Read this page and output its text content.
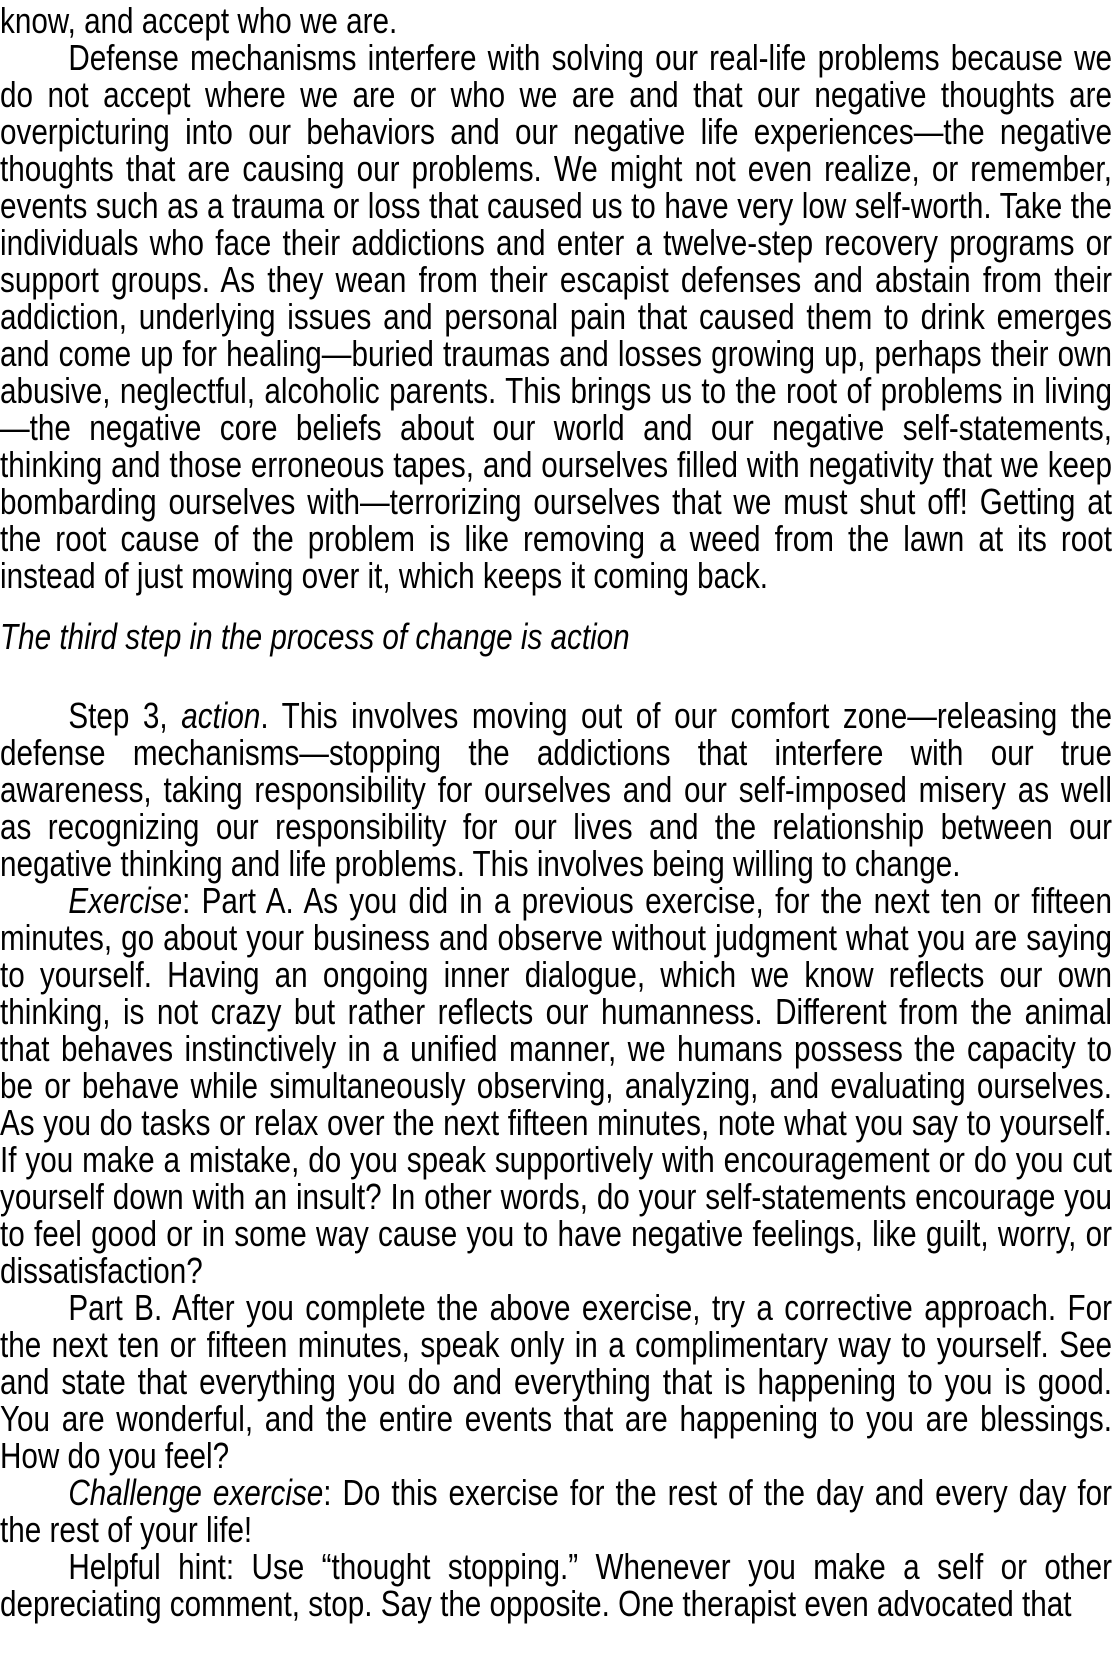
know, and accept who we are.

Defense mechanisms interfere with solving our real-life problems because we do not accept where we are or who we are and that our negative thoughts are overpicturing into our behaviors and our negative life experiences—the negative thoughts that are causing our problems. We might not even realize, or remember, events such as a trauma or loss that caused us to have very low self-worth. Take the individuals who face their addictions and enter a twelve-step recovery programs or support groups. As they wean from their escapist defenses and abstain from their addiction, underlying issues and personal pain that caused them to drink emerges and come up for healing—buried traumas and losses growing up, perhaps their own abusive, neglectful, alcoholic parents. This brings us to the root of problems in living—the negative core beliefs about our world and our negative self-statements, thinking and those erroneous tapes, and ourselves filled with negativity that we keep bombarding ourselves with—terrorizing ourselves that we must shut off! Getting at the root cause of the problem is like removing a weed from the lawn at its root instead of just mowing over it, which keeps it coming back.

The third step in the process of change is action

Step 3, action. This involves moving out of our comfort zone—releasing the defense mechanisms—stopping the addictions that interfere with our true awareness, taking responsibility for ourselves and our self-imposed misery as well as recognizing our responsibility for our lives and the relationship between our negative thinking and life problems. This involves being willing to change.

Exercise: Part A. As you did in a previous exercise, for the next ten or fifteen minutes, go about your business and observe without judgment what you are saying to yourself. Having an ongoing inner dialogue, which we know reflects our own thinking, is not crazy but rather reflects our humanness. Different from the animal that behaves instinctively in a unified manner, we humans possess the capacity to be or behave while simultaneously observing, analyzing, and evaluating ourselves. As you do tasks or relax over the next fifteen minutes, note what you say to yourself. If you make a mistake, do you speak supportively with encouragement or do you cut yourself down with an insult? In other words, do your self-statements encourage you to feel good or in some way cause you to have negative feelings, like guilt, worry, or dissatisfaction?

Part B. After you complete the above exercise, try a corrective approach. For the next ten or fifteen minutes, speak only in a complimentary way to yourself. See and state that everything you do and everything that is happening to you is good. You are wonderful, and the entire events that are happening to you are blessings. How do you feel?

Challenge exercise: Do this exercise for the rest of the day and every day for the rest of your life!

Helpful hint: Use “thought stopping.” Whenever you make a self or other depreciating comment, stop. Say the opposite. One therapist even advocated that
